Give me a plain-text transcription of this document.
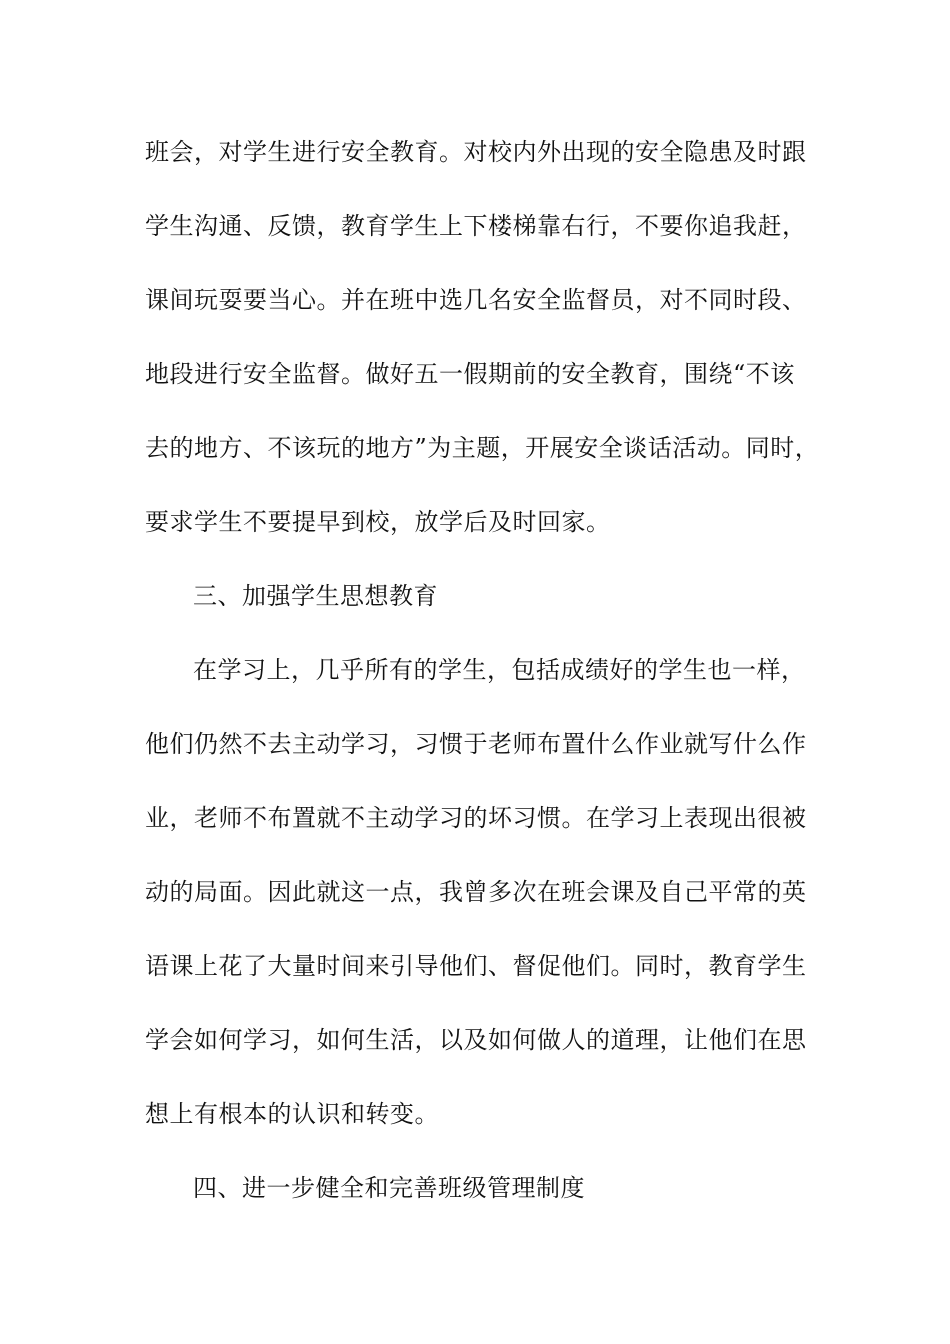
班会，对学生进行安全教育。对校内外出现的安全隐患及时跟
学生沟通、反馈，教育学生上下楼梯靠右行，不要你追我赶，
课间玩耍要当心。并在班中选几名安全监督员，对不同时段、
地段进行安全监督。做好五一假期前的安全教育，围绕“不该
去的地方、不该玩的地方”为主题，开展安全谈话活动。同时，
要求学生不要提早到校，放学后及时回家。
三、加强学生思想教育
在学习上，几乎所有的学生，包括成绩好的学生也一样，
他们仍然不去主动学习，习惯于老师布置什么作业就写什么作
业，老师不布置就不主动学习的坏习惯。在学习上表现出很被
动的局面。因此就这一点，我曾多次在班会课及自己平常的英
语课上花了大量时间来引导他们、督促他们。同时，教育学生
学会如何学习，如何生活，以及如何做人的道理，让他们在思
想上有根本的认识和转变。
四、进一步健全和完善班级管理制度
